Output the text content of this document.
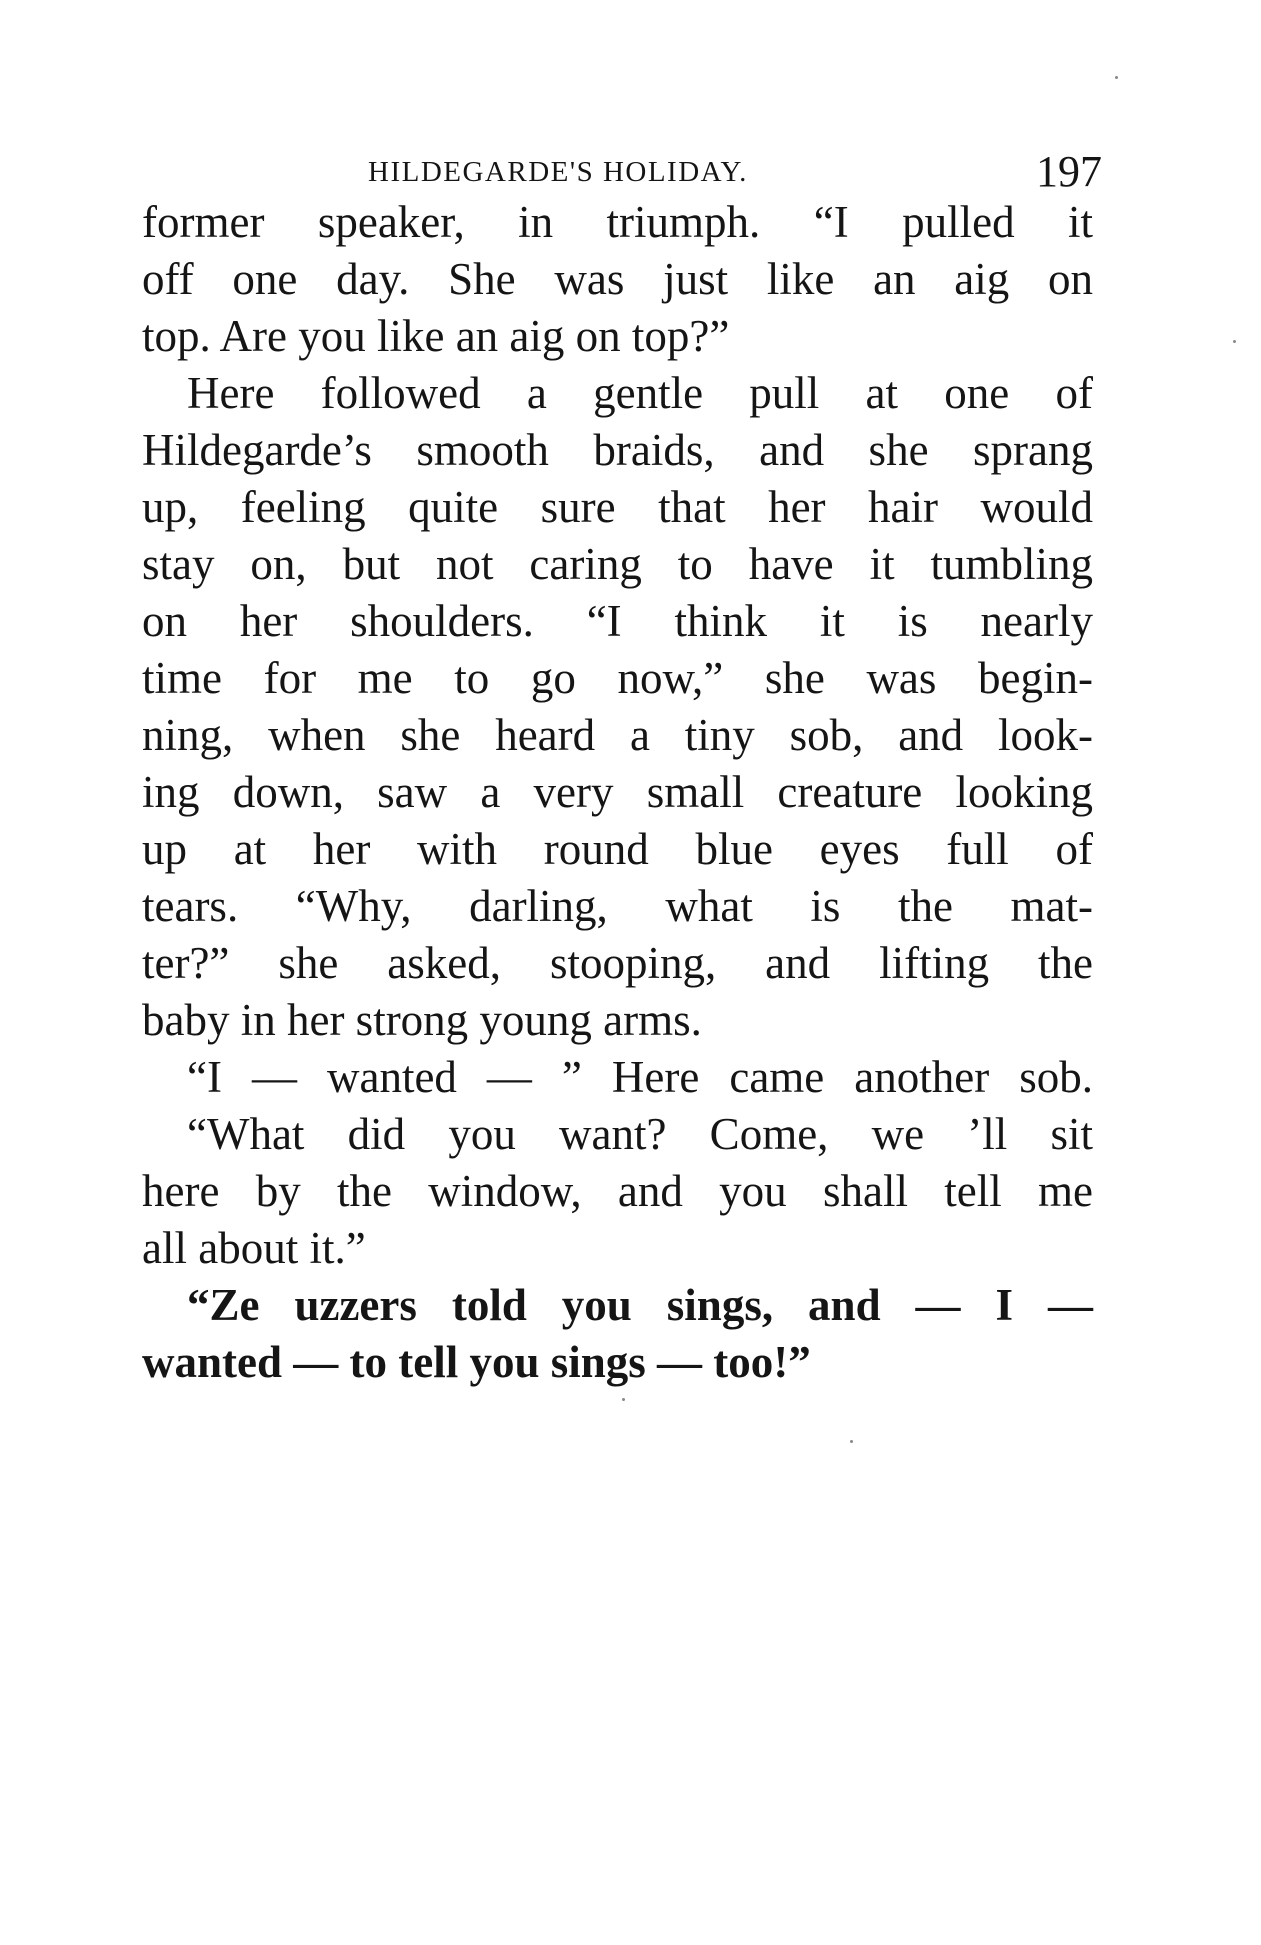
HILDEGARDE'S HOLIDAY.	197
former speaker, in triumph. “I pulled it
off one day. She was just like an aig on
top. Are you like an aig on top?”
Here followed a gentle pull at one of
Hildegarde’s smooth braids, and she sprang
up, feeling quite sure that her hair would
stay on, but not caring to have it tumbling
on her shoulders. “I think it is nearly
time for me to go now,” she was begin-
ning, when she heard a tiny sob, and look-
ing down, saw a very small creature looking
up at her with round blue eyes full of
tears. “Why, darling, what is the mat-
ter?” she asked, stooping, and lifting the
baby in her strong young arms.
“I — wanted — ” Here came another sob.
“What did you want? Come, we ’ll sit
here by the window, and you shall tell me
all about it.”
“Ze uzzers told you sings, and — I —
wanted — to tell you sings — too!”
